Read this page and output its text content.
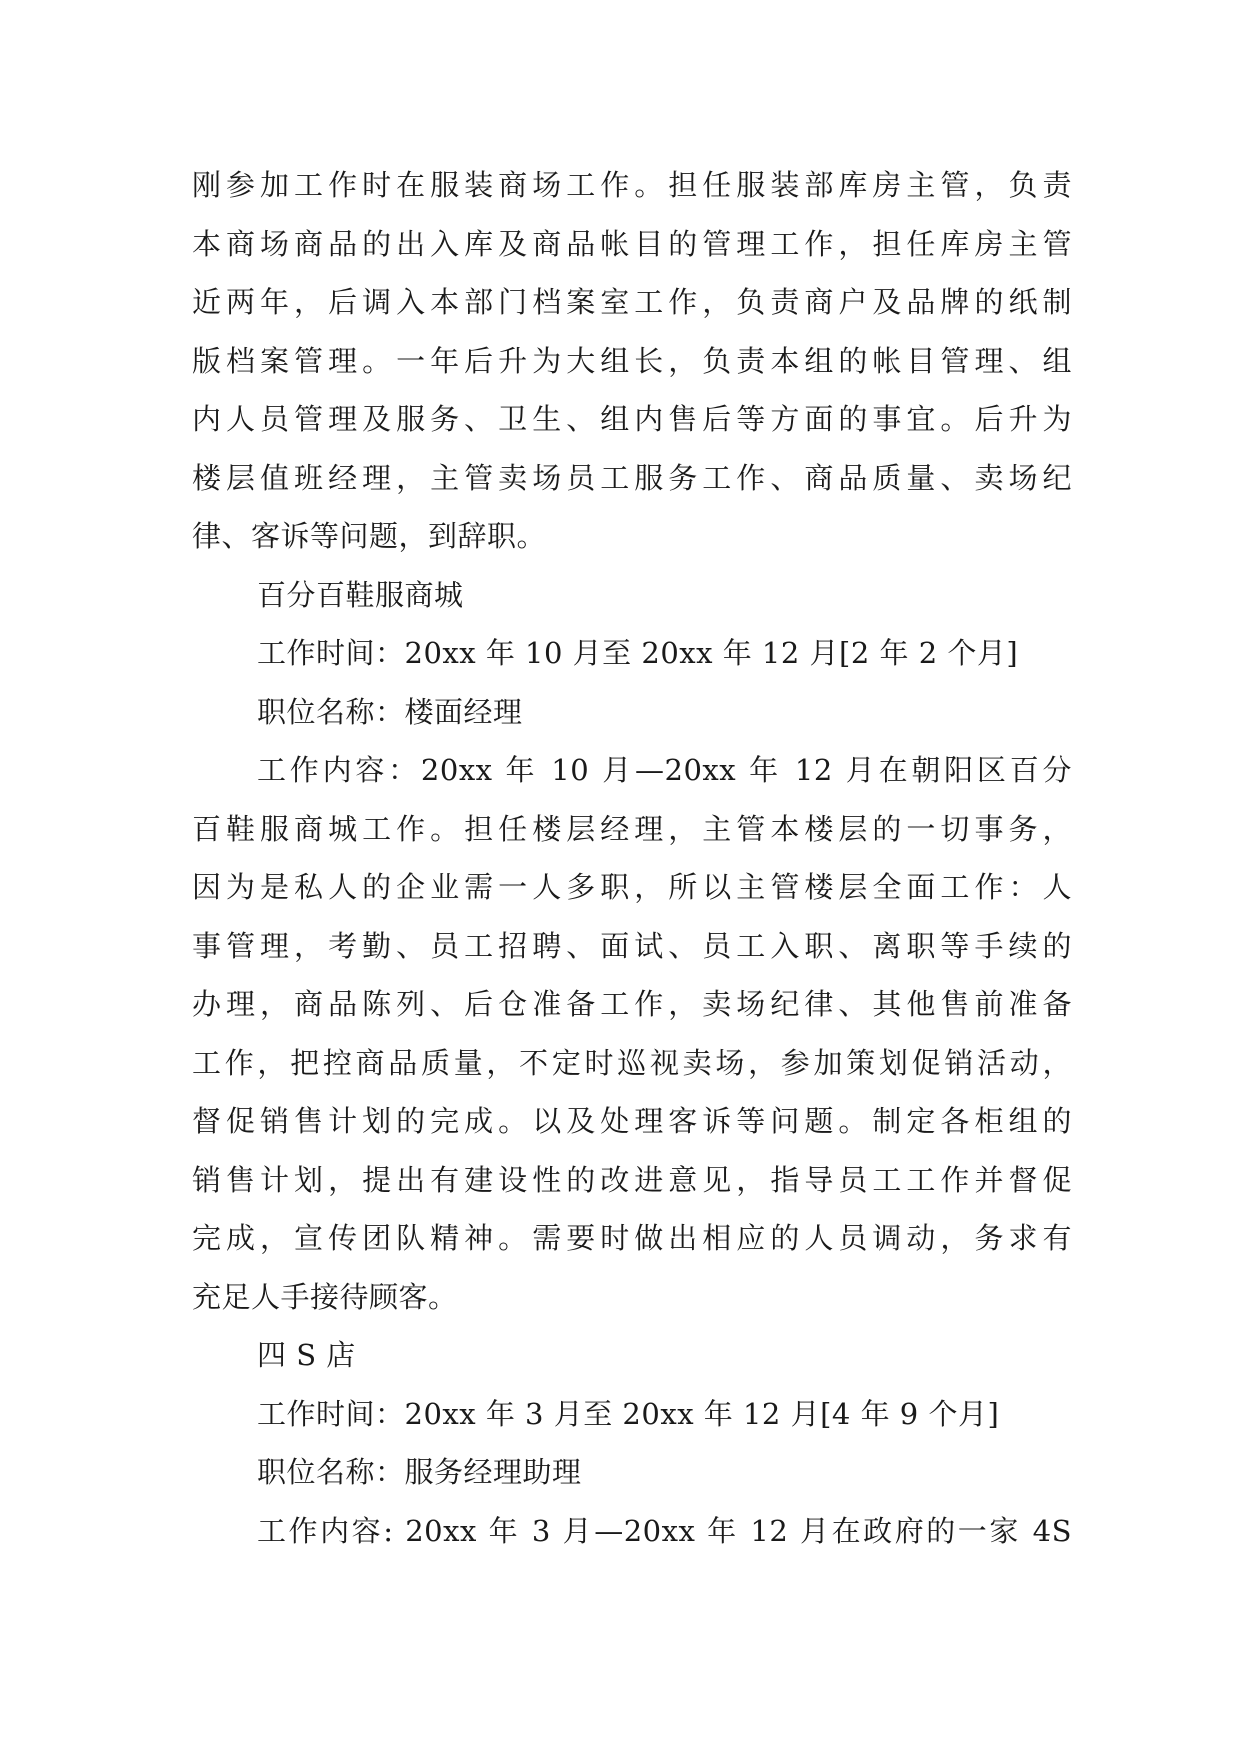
刚参加工作时在服装商场工作。担任服装部库房主管，负责
本商场商品的出入库及商品帐目的管理工作，担任库房主管
近两年，后调入本部门档案室工作，负责商户及品牌的纸制
版档案管理。一年后升为大组长，负责本组的帐目管理、组
内人员管理及服务、卫生、组内售后等方面的事宜。后升为
楼层值班经理，主管卖场员工服务工作、商品质量、卖场纪
律、客诉等问题，到辞职。
百分百鞋服商城
工作时间：20xx 年 10 月至 20xx 年 12 月[2 年 2 个月]
职位名称：楼面经理
工作内容：20xx 年 10 月—20xx 年 12 月在朝阳区百分
百鞋服商城工作。担任楼层经理，主管本楼层的一切事务，
因为是私人的企业需一人多职，所以主管楼层全面工作：人
事管理，考勤、员工招聘、面试、员工入职、离职等手续的
办理，商品陈列、后仓准备工作，卖场纪律、其他售前准备
工作，把控商品质量，不定时巡视卖场，参加策划促销活动，
督促销售计划的完成。以及处理客诉等问题。制定各柜组的
销售计划，提出有建设性的改进意见，指导员工工作并督促
完成，宣传团队精神。需要时做出相应的人员调动，务求有
充足人手接待顾客。
四 S 店
工作时间：20xx 年 3 月至 20xx 年 12 月[4 年 9 个月]
职位名称：服务经理助理
工作内容: 20xx 年 3 月—20xx 年 12 月在政府的一家 4S
